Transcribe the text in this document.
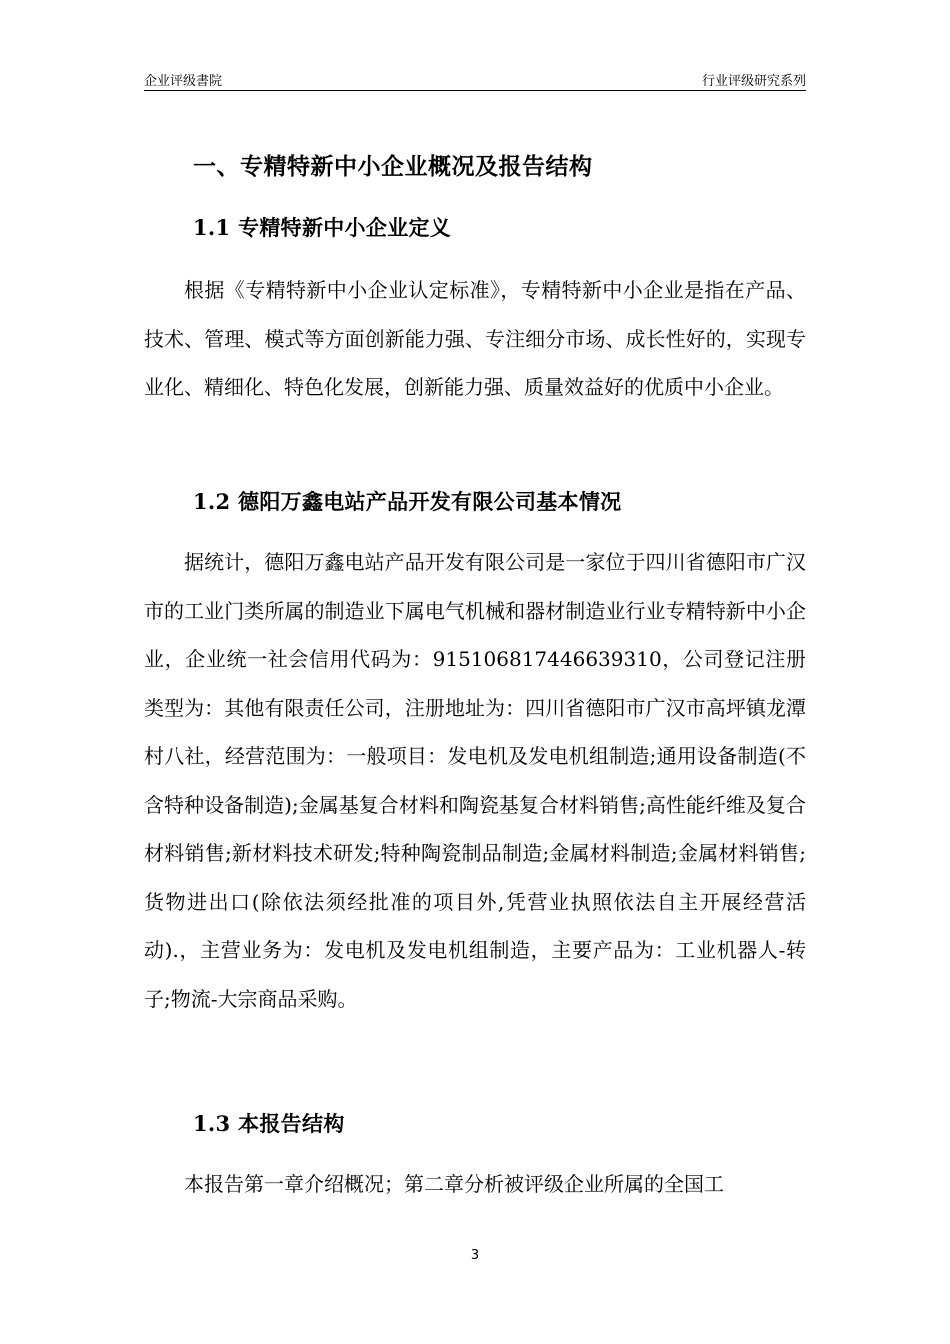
企业评级書院	行业评级研究系列
一、专精特新中小企业概况及报告结构
1.1 专精特新中小企业定义

根据《专精特新中小企业认定标准》，专精特新中小企业是指在产品、技术、管理、模式等方面创新能力强、专注细分市场、成长性好的，实现专业化、精细化、特色化发展，创新能力强、质量效益好的优质中小企业。

1.2 德阳万鑫电站产品开发有限公司基本情况

据统计，德阳万鑫电站产品开发有限公司是一家位于四川省德阳市广汉市的工业门类所属的制造业下属电气机械和器材制造业行业专精特新中小企业，企业统一社会信用代码为：915106817446639310，公司登记注册类型为：其他有限责任公司，注册地址为：四川省德阳市广汉市高坪镇龙潭村八社，经营范围为：一般项目：发电机及发电机组制造;通用设备制造(不含特种设备制造);金属基复合材料和陶瓷基复合材料销售;高性能纤维及复合材料销售;新材料技术研发;特种陶瓷制品制造;金属材料制造;金属材料销售;货物进出口(除依法须经批准的项目外,凭营业执照依法自主开展经营活动).，主营业务为：发电机及发电机组制造，主要产品为：工业机器人-转子;物流-大宗商品采购。

1.3 本报告结构

本报告第一章介绍概况；第二章分析被评级企业所属的全国工

3
